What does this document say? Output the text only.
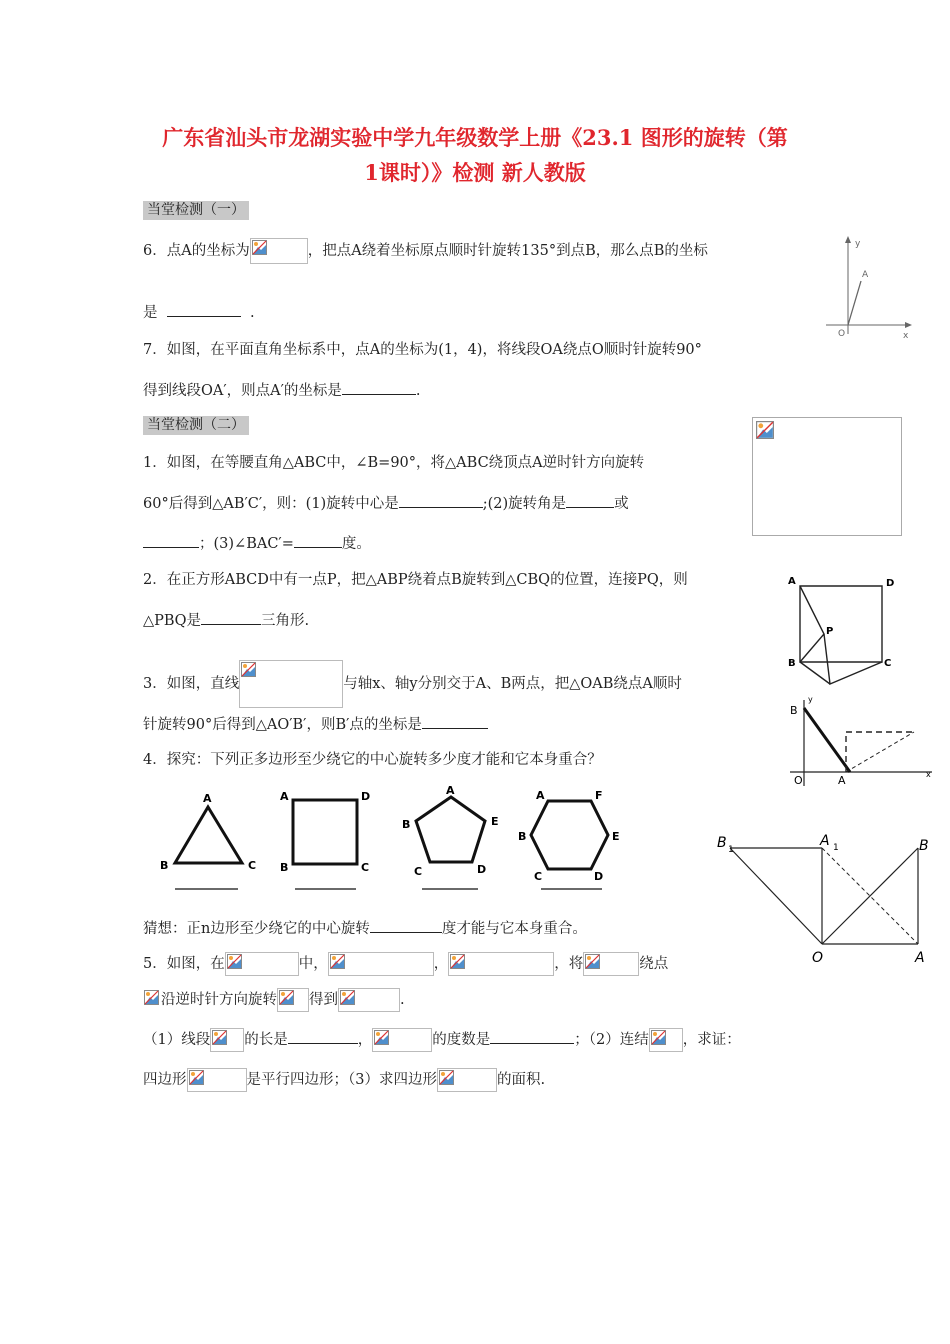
广东省汕头市龙湖实验中学九年级数学上册《23.1 图形的旋转（第
1课时）》检测 新人教版
当堂检测（一）
6．点A的坐标为	，把点A绕着坐标原点顺时针旋转135°到点B，那么点B的坐标
是	.
7．如图，在平面直角坐标系中，点A的坐标为(1，4)，将线段OA绕点O顺时针旋转90°
得到线段OA′，则点A′的坐标是	.
当堂检测（二）
1．如图，在等腰直角△ABC中，∠B=90°，将△ABC绕顶点A逆时针方向旋转
60°后得到△AB′C′，则：(1)旋转中心是	;(2)旋转角是	或
；(3)∠BAC′=	度。
2．在正方形ABCD中有一点P，把△ABP绕着点B旋转到△CBQ的位置，连接PQ，则
△PBQ是	三角形.
3．如图，直线	与轴x、轴y分别交于A、B两点，把△OAB绕点A顺时
针旋转90°后得到△AO′B′，则B′点的坐标是
4．探究：下列正多边形至少绕它的中心旋转多少度才能和它本身重合？
A
B	C
A	D
B	C
A
B	E
C	D
A	F
B	E
C	D
猜想：正n边形至少绕它的中心旋转	度才能与它本身重合。
5．如图，在	中，	，	，将	绕点
沿逆时针方向旋转 得到	.
（1）线段 的长是	，	的度数是	；（2）连结 ，求证：
四边形	是平行四边形；（3）求四边形	的面积.
y
x
A
O
A	D
P
B	C
y
B
O	A	x
B 1
A 1	B
O	A
